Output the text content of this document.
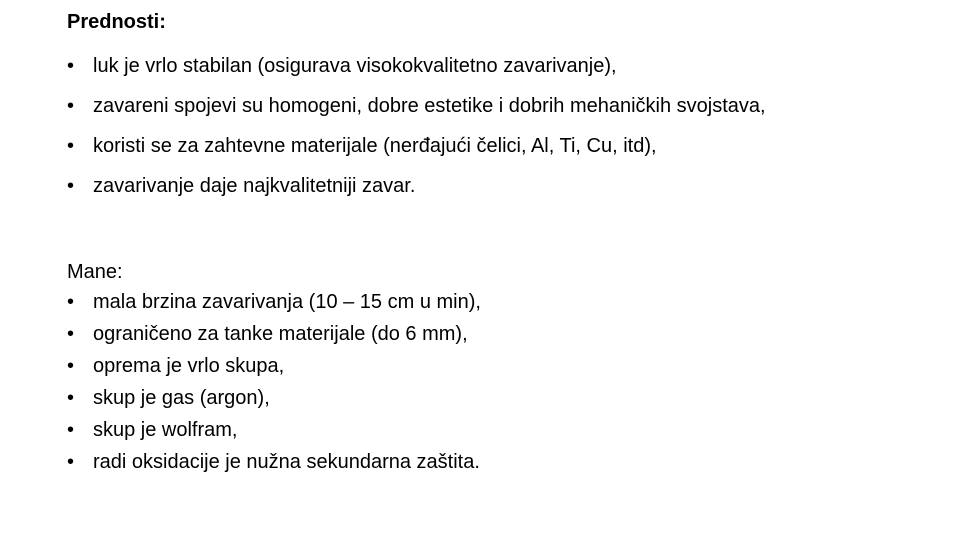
Prednosti:
• luk je vrlo stabilan (osigurava visokokvalitetno zavarivanje),
• zavareni spojevi su homogeni, dobre estetike i dobrih mehaničkih svojstava,
• koristi se za zahtevne materijale (nerđajući čelici, Al, Ti, Cu, itd),
• zavarivanje daje najkvalitetniji zavar.
Mane:
• mala brzina zavarivanja (10 – 15 cm u min),
• ograničeno za tanke materijale (do 6 mm),
• oprema je vrlo skupa,
• skup je gas (argon),
• skup je wolfram,
• radi oksidacije je nužna sekundarna zaštita.
